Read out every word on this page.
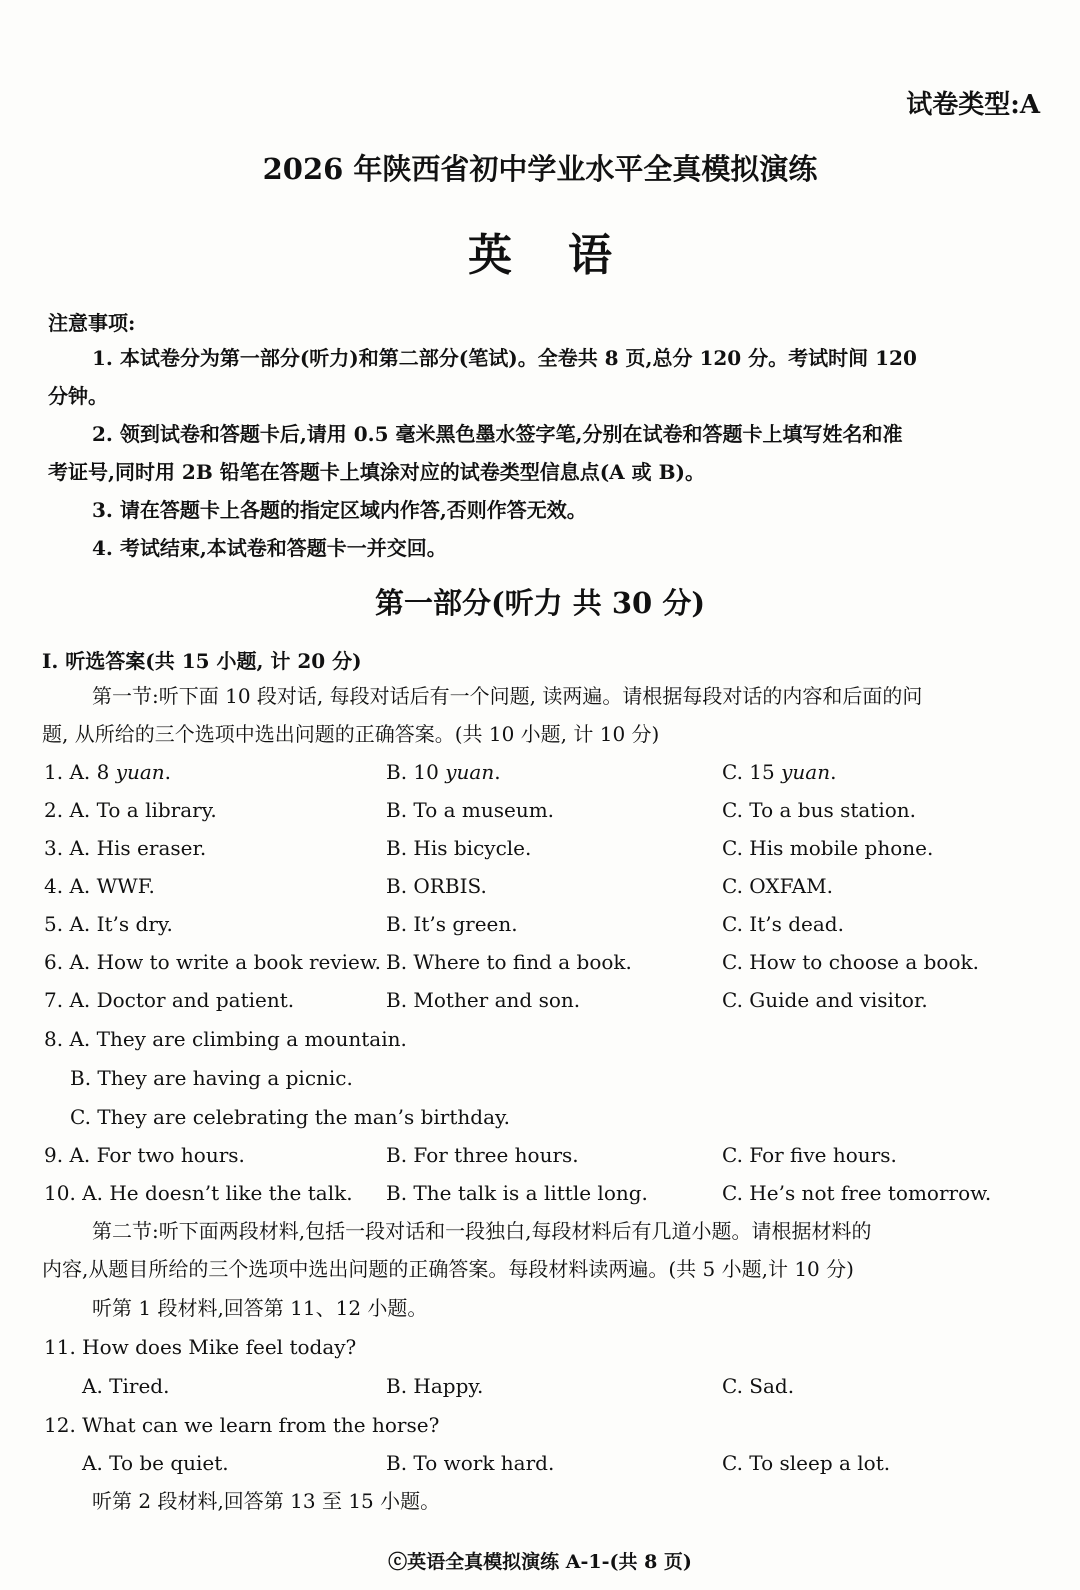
试卷类型:A
2026 年陕西省初中学业水平全真模拟演练
英语
注意事项:
1. 本试卷分为第一部分(听力)和第二部分(笔试)。全卷共 8 页,总分 120 分。考试时间 120
分钟。
2. 领到试卷和答题卡后,请用 0.5 毫米黑色墨水签字笔,分别在试卷和答题卡上填写姓名和准
考证号,同时用 2B 铅笔在答题卡上填涂对应的试卷类型信息点(A 或 B)。
3. 请在答题卡上各题的指定区域内作答,否则作答无效。
4. 考试结束,本试卷和答题卡一并交回。
第一部分(听力 共 30 分)
Ⅰ. 听选答案(共 15 小题, 计 20 分)
第一节:听下面 10 段对话, 每段对话后有一个问题, 读两遍。请根据每段对话的内容和后面的问
题, 从所给的三个选项中选出问题的正确答案。(共 10 小题, 计 10 分)
1. A. 8 yuan.	B. 10 yuan.	C. 15 yuan.
2. A. To a library.	B. To a museum.	C. To a bus station.
3. A. His eraser.	B. His bicycle.	C. His mobile phone.
4. A. WWF.	B. ORBIS.	C. OXFAM.
5. A. It’s dry.	B. It’s green.	C. It’s dead.
6. A. How to write a book review. B. Where to find a book.	C. How to choose a book.
7. A. Doctor and patient.	B. Mother and son.	C. Guide and visitor.
8. A. They are climbing a mountain.
B. They are having a picnic.
C. They are celebrating the man’s birthday.
9. A. For two hours.	B. For three hours.	C. For five hours.
10. A. He doesn’t like the talk. B. The talk is a little long.	C. He’s not free tomorrow.
第二节:听下面两段材料,包括一段对话和一段独白,每段材料后有几道小题。请根据材料的
内容,从题目所给的三个选项中选出问题的正确答案。每段材料读两遍。(共 5 小题,计 10 分)
听第 1 段材料,回答第 11、12 小题。
11. How does Mike feel today?
A. Tired.	B. Happy.	C. Sad.
12. What can we learn from the horse?
A. To be quiet.	B. To work hard.	C. To sleep a lot.
听第 2 段材料,回答第 13 至 15 小题。
ⓒ英语全真模拟演练 A-1-(共 8 页)
